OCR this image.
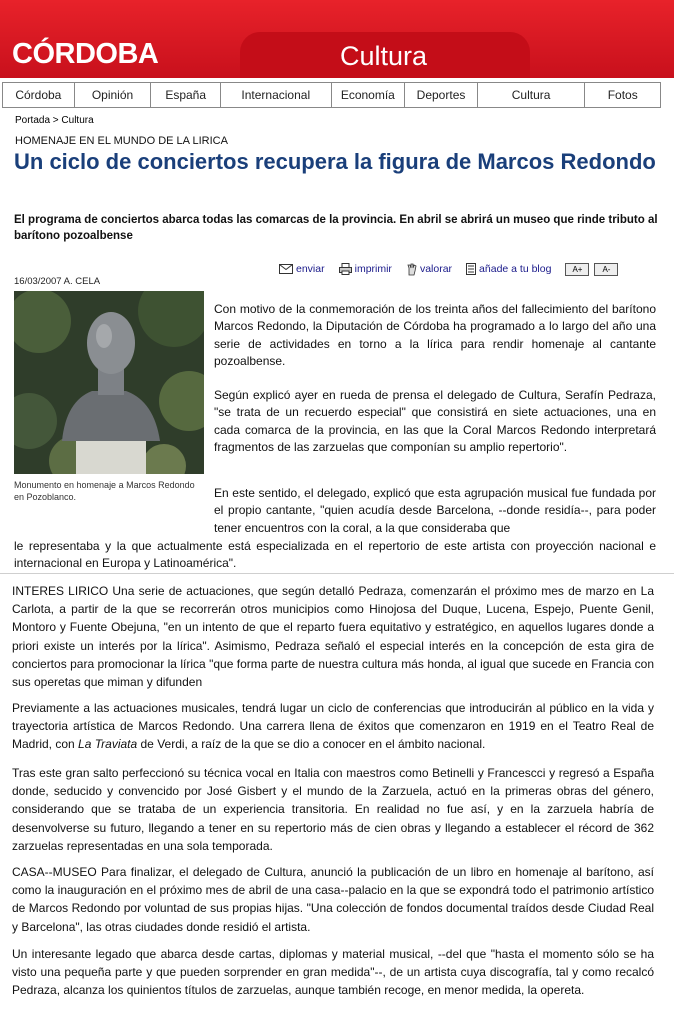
CÓRDOBA	Cultura
Córdoba	Opinión	España	Internacional	Economía	Deportes	Cultura	Fotos
Portada > Cultura
HOMENAJE EN EL MUNDO DE LA LIRICA
Un ciclo de conciertos recupera la figura de Marcos Redondo

El programa de conciertos abarca todas las comarcas de la provincia. En abril se abrirá un museo que rinde tributo al barítono pozoalbense

16/03/2007 A. CELA
enviar	imprimir	valorar	añade a tu blog	A+	A-
Monumento en homenaje a Marcos Redondo en Pozoblanco.

Con motivo de la conmemoración de los treinta años del fallecimiento del barítono Marcos Redondo, la Diputación de Córdoba ha programado a lo largo del año una serie de actividades en torno a la lírica para rendir homenaje al cantante pozoalbense.

Según explicó ayer en rueda de prensa el delegado de Cultura, Serafín Pedraza, "se trata de un recuerdo especial" que consistirá en siete actuaciones, una en cada comarca de la provincia, en las que la Coral Marcos Redondo interpretará fragmentos de las zarzuelas que componían su amplio repertorio".

En este sentido, el delegado, explicó que esta agrupación musical fue fundada por el propio cantante, "quien acudía desde Barcelona, --donde residía--, para poder tener encuentros con la coral, a la que consideraba que

le representaba y la que actualmente está especializada en el repertorio de este artista con proyección nacional e internacional en Europa y Latinoamérica".

INTERES LIRICO Una serie de actuaciones, que según detalló Pedraza, comenzarán el próximo mes de marzo en La Carlota, a partir de la que se recorrerán otros municipios como Hinojosa del Duque, Lucena, Espejo, Puente Genil, Montoro y Fuente Obejuna, "en un intento de que el reparto fuera equitativo y estratégico, en aquellos lugares donde a priori existe un interés por la lírica". Asimismo, Pedraza señaló el especial interés en la concepción de esta gira de conciertos para promocionar la lírica "que forma parte de nuestra cultura más honda, al igual que sucede en Francia con sus operetas que miman y difunden

Previamente a las actuaciones musicales, tendrá lugar un ciclo de conferencias que introducirán al público en la vida y trayectoria artística de Marcos Redondo. Una carrera llena de éxitos que comenzaron en 1919 en el Teatro Real de Madrid, con La Traviata de Verdi, a raíz de la que se dio a conocer en el ámbito nacional.

Tras este gran salto perfeccionó su técnica vocal en Italia con maestros como Betinelli y Francescci y regresó a España donde, seducido y convencido por José Gisbert y el mundo de la Zarzuela, actuó en la primeras obras del género, considerando que se trataba de un experiencia transitoria. En realidad no fue así, y en la zarzuela habría de desenvolverse su futuro, llegando a tener en su repertorio más de cien obras y llegando a establecer el récord de 362 zarzuelas representadas en una sola temporada.

CASA--MUSEO Para finalizar, el delegado de Cultura, anunció la publicación de un libro en homenaje al barítono, así como la inauguración en el próximo mes de abril de una casa--palacio en la que se expondrá todo el patrimonio artístico de Marcos Redondo por voluntad de sus propias hijas. "Una colección de fondos documental traídos desde Ciudad Real y Barcelona", las otras ciudades donde residió el artista.

Un interesante legado que abarca desde cartas, diplomas y material musical, --del que "hasta el momento sólo se ha visto una pequeña parte y que pueden sorprender en gran medida"--, de un artista cuya discografía, tal y como recalcó Pedraza, alcanza los quinientos títulos de zarzuelas, aunque también recoge, en menor medida, la opereta.
